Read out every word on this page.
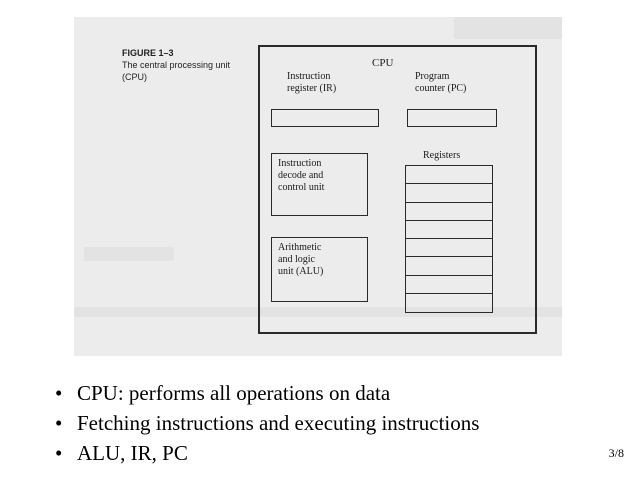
FIGURE 1–3
The central processing unit (CPU)
CPU
Instruction
register (IR)
Program
counter (PC)
Registers
Instruction
decode and
control unit
Arithmetic
and logic
unit (ALU)
• CPU: performs all operations on data
• Fetching instructions and executing instructions
• ALU, IR, PC	3/8
